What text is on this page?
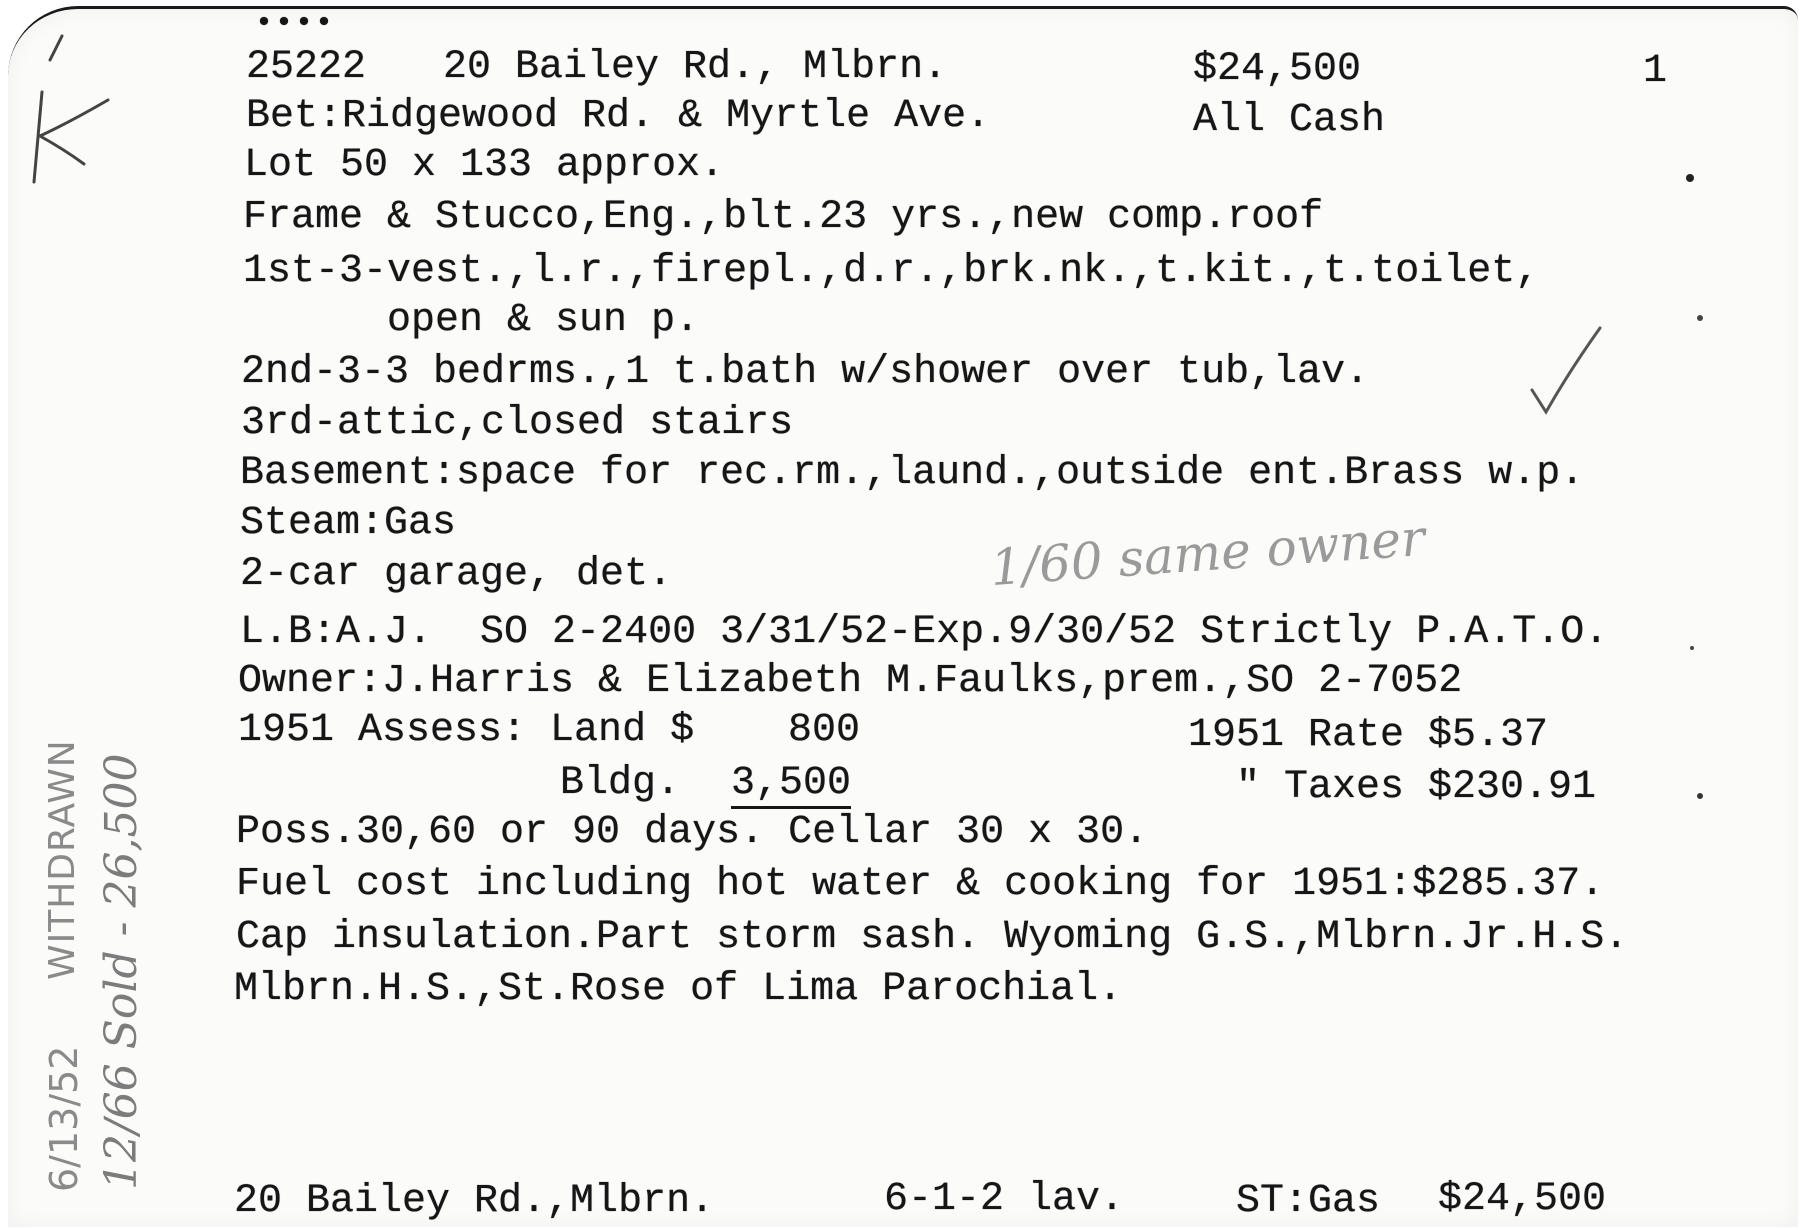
••••
25222 20 Bailey Rd., Mlbrn.	$24,500	1
Bet:Ridgewood Rd. & Myrtle Ave.	All Cash
Lot 50 x 133 approx.
Frame & Stucco,Eng.,blt.23 yrs.,new comp.roof
1st-3-vest.,l.r.,firepl.,d.r.,brk.nk.,t.kit.,t.toilet,
open & sun p.
2nd-3-3 bedrms.,1 t.bath w/shower over tub,lav.
3rd-attic,closed stairs
Basement:space for rec.rm.,laund.,outside ent.Brass w.p.
Steam:Gas
2-car garage, det.
L.B:A.J.  SO 2-2400 3/31/52-Exp.9/30/52 Strictly P.A.T.O.
Owner:J.Harris & Elizabeth M.Faulks,prem.,SO 2-7052
1951 Assess: Land $ 800	1951 Rate $5.37
Bldg. 3,500	" Taxes $230.91
Poss.30,60 or 90 days. Cellar 30 x 30.
Fuel cost including hot water & cooking for 1951:$285.37.
Cap insulation.Part storm sash. Wyoming G.S.,Mlbrn.Jr.H.S.
Mlbrn.H.S.,St.Rose of Lima Parochial.
20 Bailey Rd.,Mlbrn.	6-1-2 lav.	ST:Gas $24,500
1/60 same owner
6/13/52
WITHDRAWN 12/66 Sold - 26,500
